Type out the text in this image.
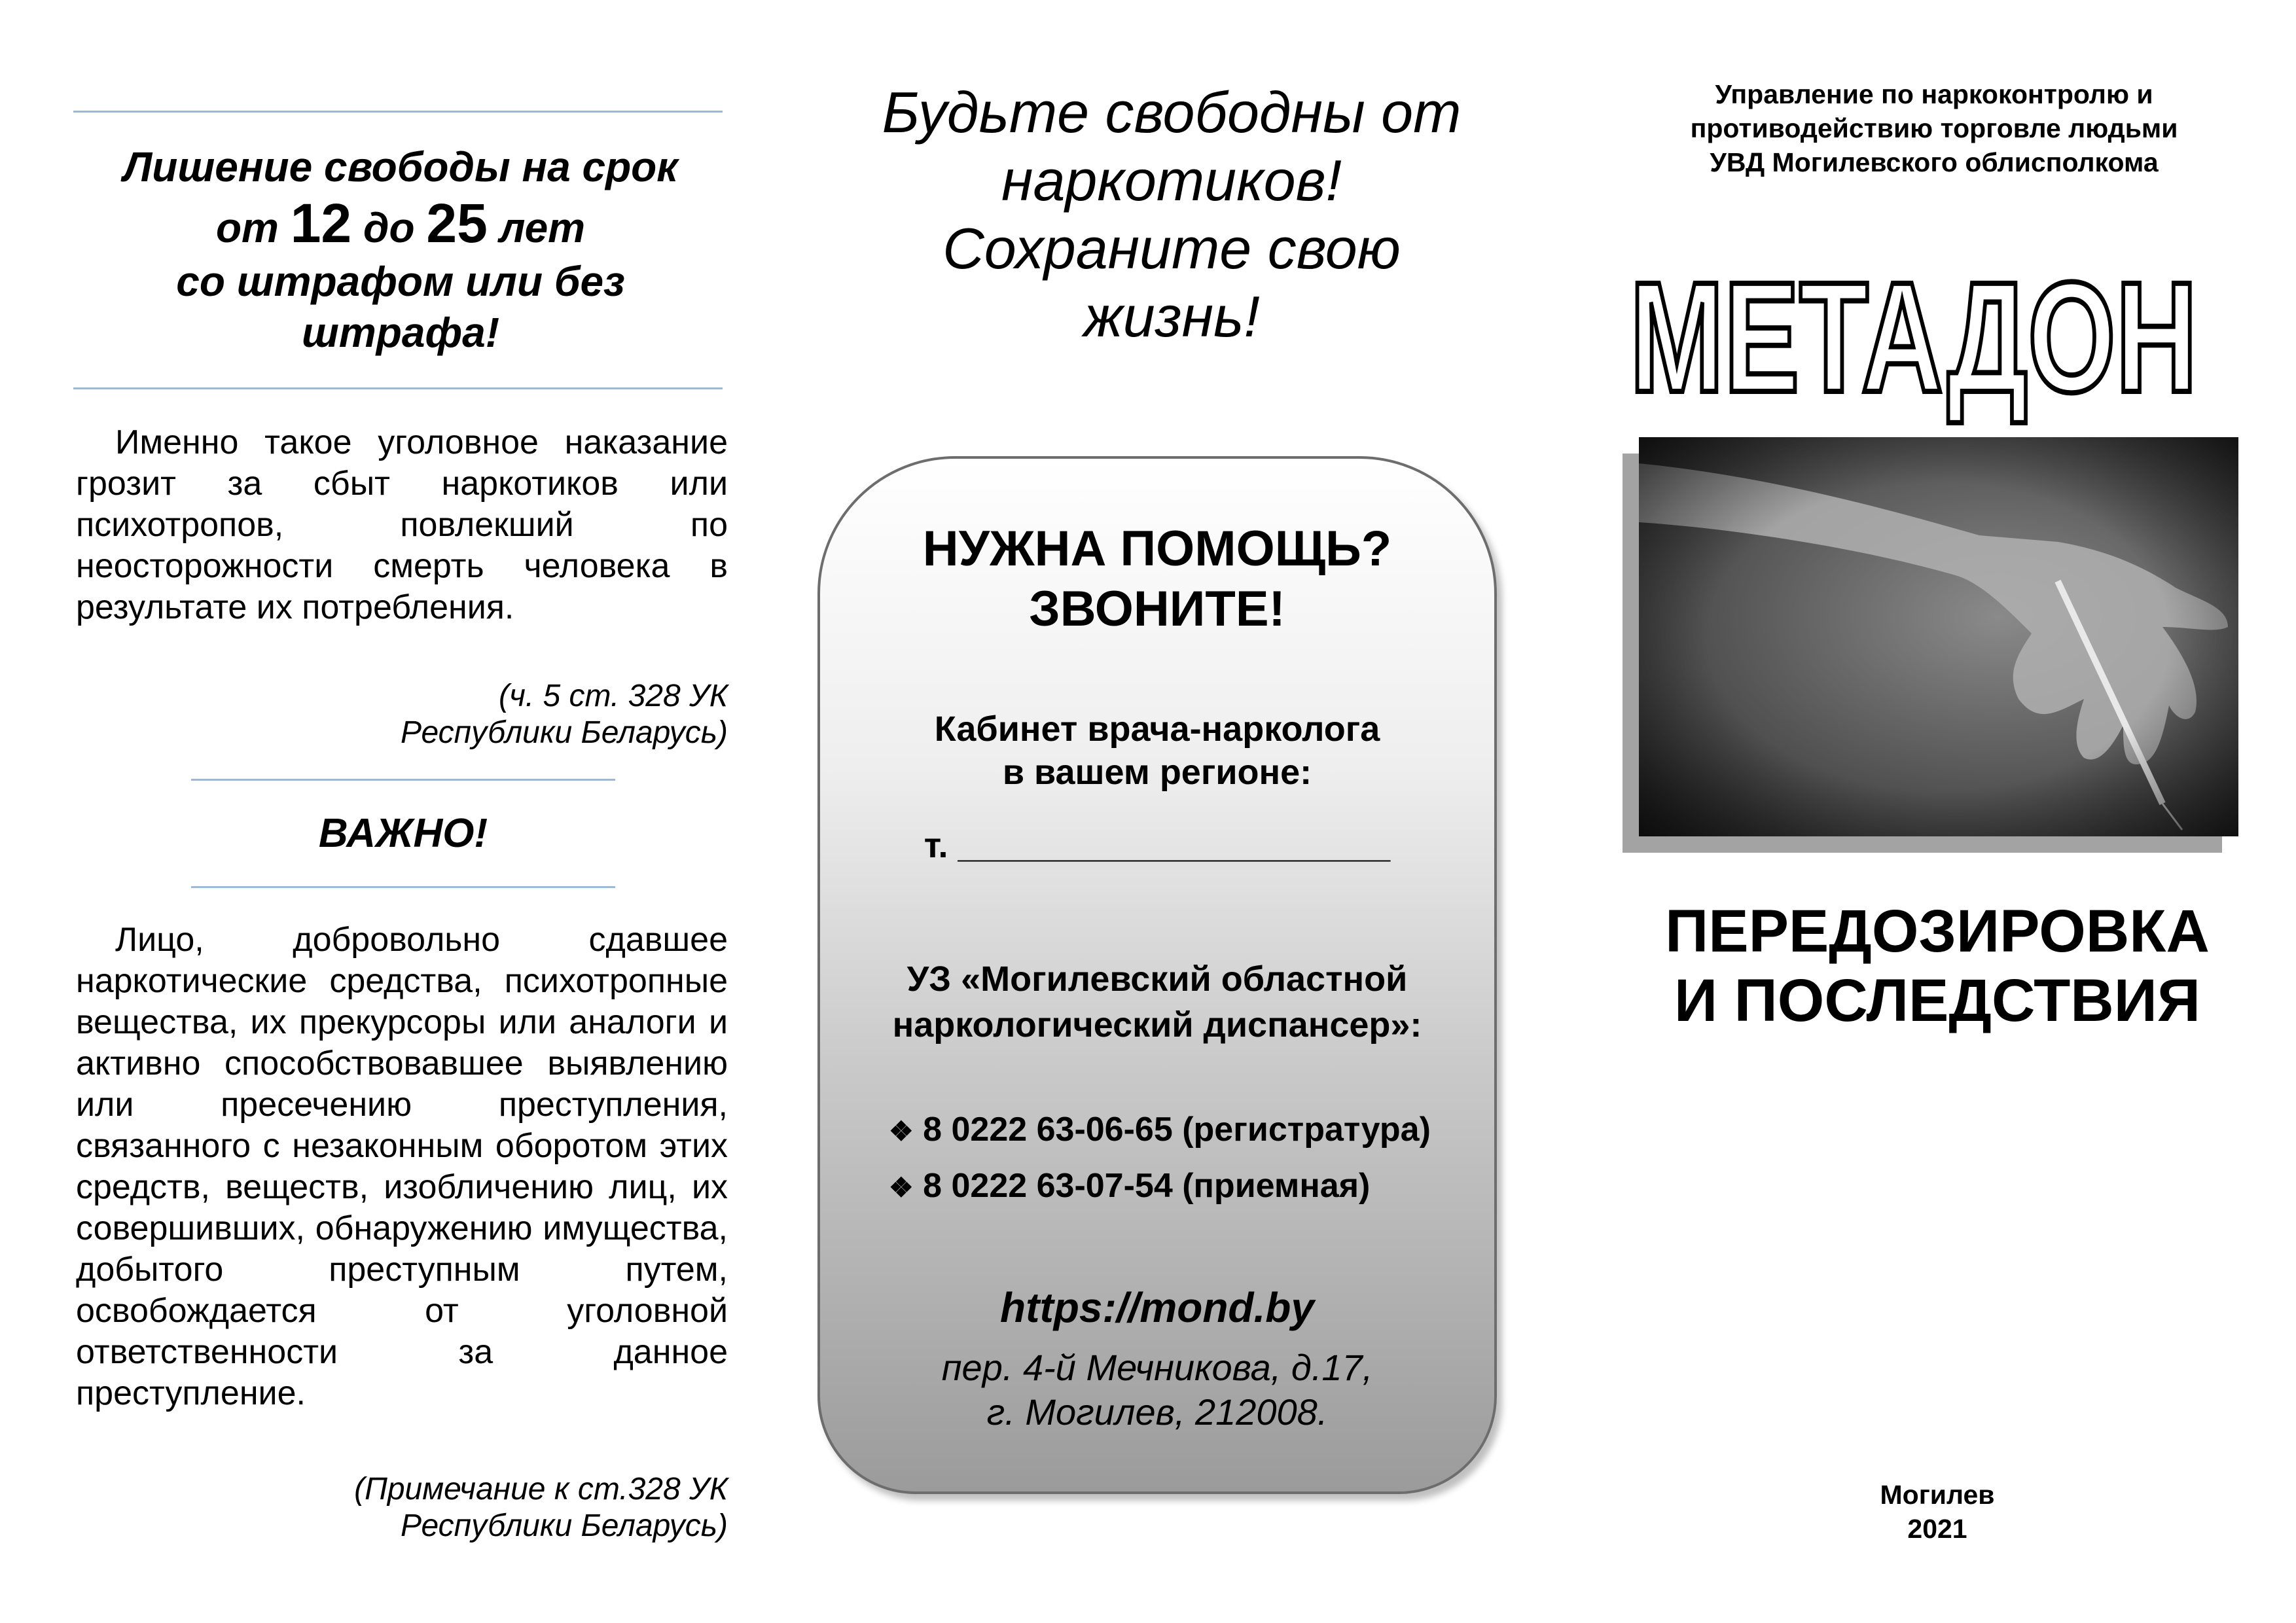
Лишение свободы на срок
от 12 до 25 лет
со штрафом или без
штрафа!
Именно такое уголовное наказание грозит за сбыт наркотиков или психотропов, повлекший по неосторожности смерть человека в результате их потребления.
(ч. 5 ст. 328 УК
Республики Беларусь)
ВАЖНО!
Лицо, добровольно сдавшее наркотические средства, психотропные вещества, их прекурсоры или аналоги и активно способствовавшее выявлению или пресечению преступления, связанного с незаконным оборотом этих средств, веществ, изобличению лиц, их совершивших, обнаружению имущества, добытого преступным путем, освобождается от уголовной ответственности за данное преступление.
(Примечание к ст.328 УК
Республики Беларусь)
Будьте свободны от
наркотиков!
Сохраните свою
жизнь!
НУЖНА ПОМОЩЬ?
ЗВОНИТЕ!
Кабинет врача-нарколога
в вашем регионе:
т. ______________________
УЗ «Могилевский областной
наркологический диспансер»:
❖ 8 0222 63-06-65 (регистратура)
❖ 8 0222 63-07-54 (приемная)
https://mond.by
пер. 4-й Мечникова, д.17,
г. Могилев, 212008.
Управление по наркоконтролю и
противодействию торговле людьми
УВД Могилевского облисполкома
МЕТАДОН
ПЕРЕДОЗИРОВКА
И ПОСЛЕДСТВИЯ
Могилев
2021
